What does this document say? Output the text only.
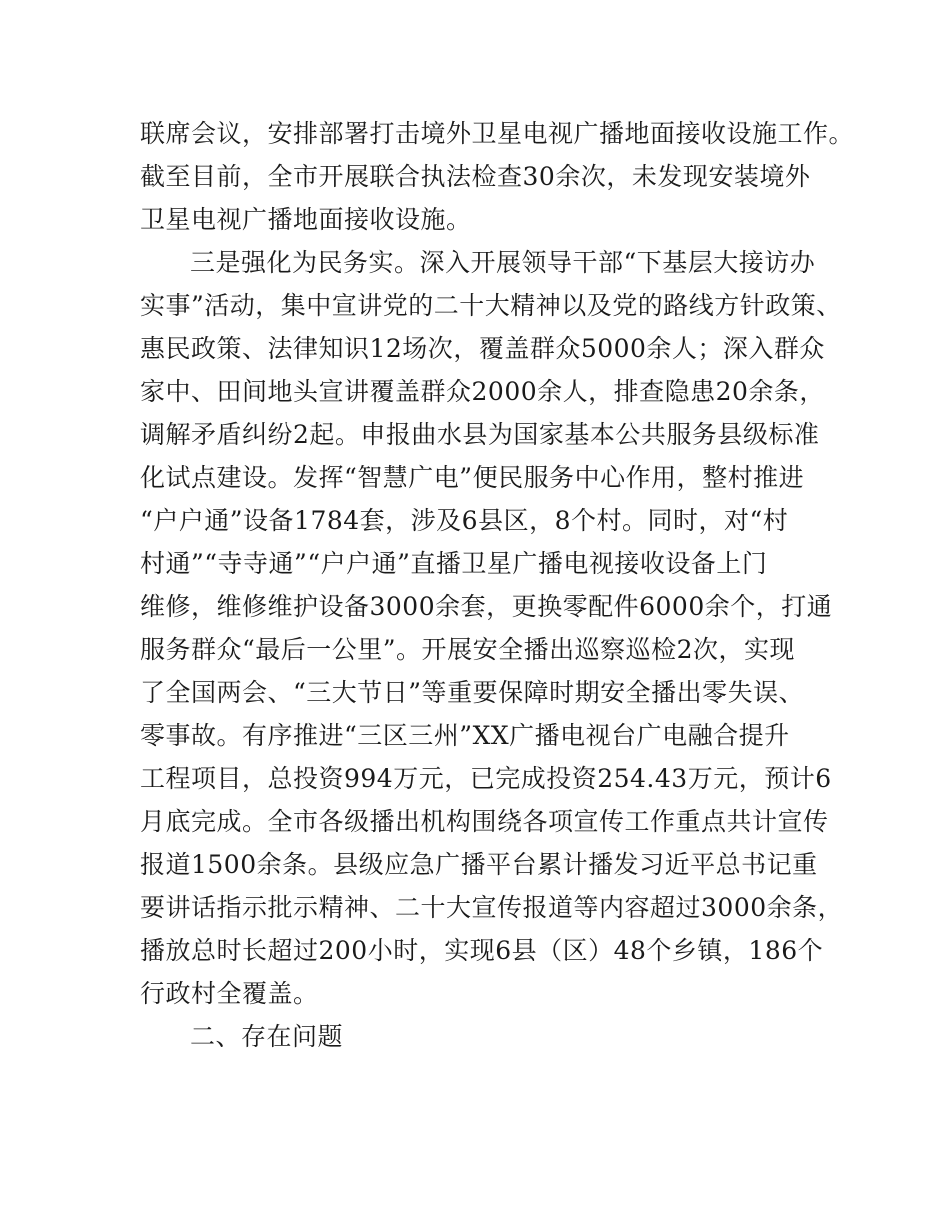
联席会议，安排部署打击境外卫星电视广播地面接收设施工作。
截至目前，全市开展联合执法检查30余次，未发现安装境外
卫星电视广播地面接收设施。
三是强化为民务实。深入开展领导干部“下基层大接访办
实事”活动，集中宣讲党的二十大精神以及党的路线方针政策、
惠民政策、法律知识12场次，覆盖群众5000余人；深入群众
家中、田间地头宣讲覆盖群众2000余人，排查隐患20余条，
调解矛盾纠纷2起。申报曲水县为国家基本公共服务县级标准
化试点建设。发挥“智慧广电”便民服务中心作用，整村推进
“户户通”设备1784套，涉及6县区，8个村。同时，对“村
村通”“寺寺通”“户户通”直播卫星广播电视接收设备上门
维修，维修维护设备3000余套，更换零配件6000余个，打通
服务群众“最后一公里”。开展安全播出巡察巡检2次，实现
了全国两会、“三大节日”等重要保障时期安全播出零失误、
零事故。有序推进“三区三州”XX广播电视台广电融合提升
工程项目，总投资994万元，已完成投资254.43万元，预计6
月底完成。全市各级播出机构围绕各项宣传工作重点共计宣传
报道1500余条。县级应急广播平台累计播发习近平总书记重
要讲话指示批示精神、二十大宣传报道等内容超过3000余条，
播放总时长超过200小时，实现6县（区）48个乡镇，186个
行政村全覆盖。
二、存在问题
